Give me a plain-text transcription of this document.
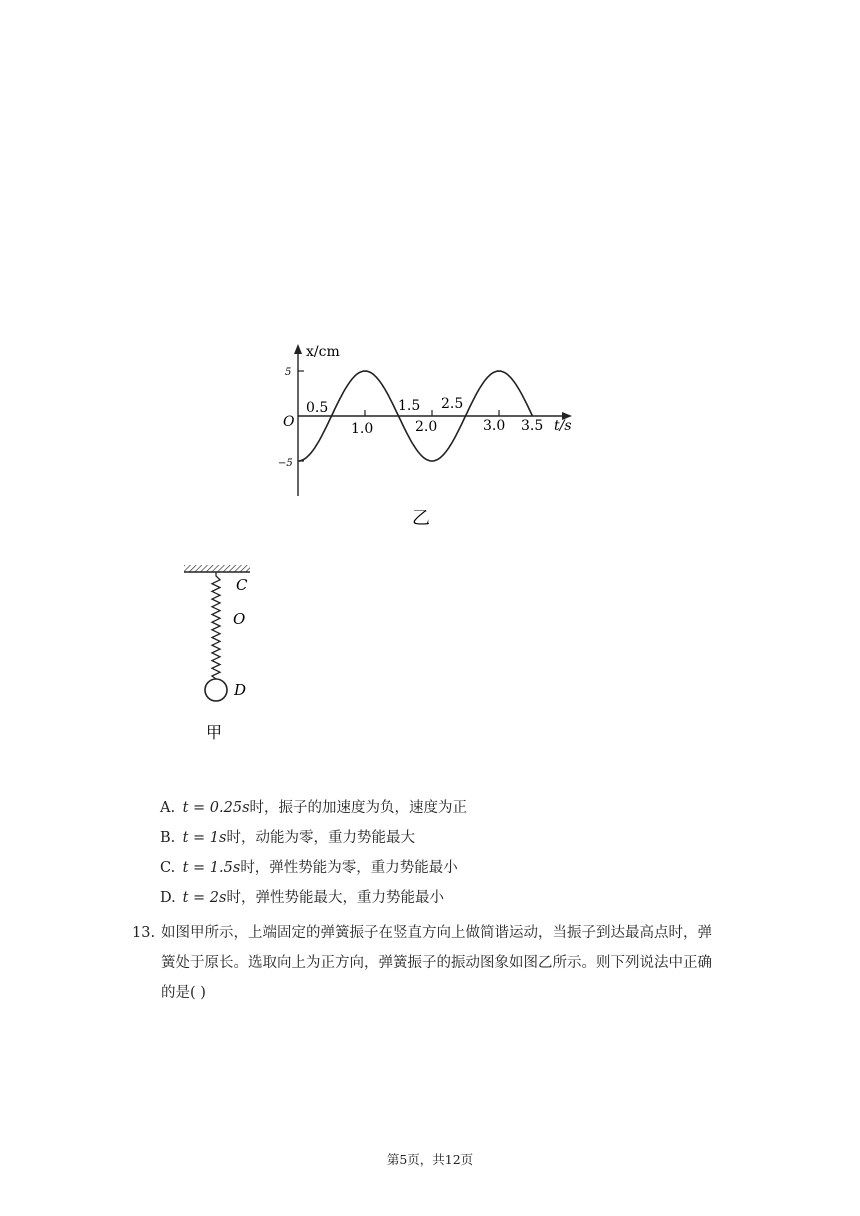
x/cm
t/s
5
−5
O
0.5	1.5 2.5
1.0	2.0	3.0 3.5
乙
C
O
D
甲
A. t = 0.25s时，振子的加速度为负，速度为正
B. t = 1s时，动能为零，重力势能最大
C. t = 1.5s时，弹性势能为零，重力势能最小
D. t = 2s时，弹性势能最大，重力势能最小
13. 如图甲所示，上端固定的弹簧振子在竖直方向上做简谐运动，当振子到达最高点时，弹
簧处于原长。选取向上为正方向，弹簧振子的振动图象如图乙所示。则下列说法中正确
的是( )
第5页，共12页
